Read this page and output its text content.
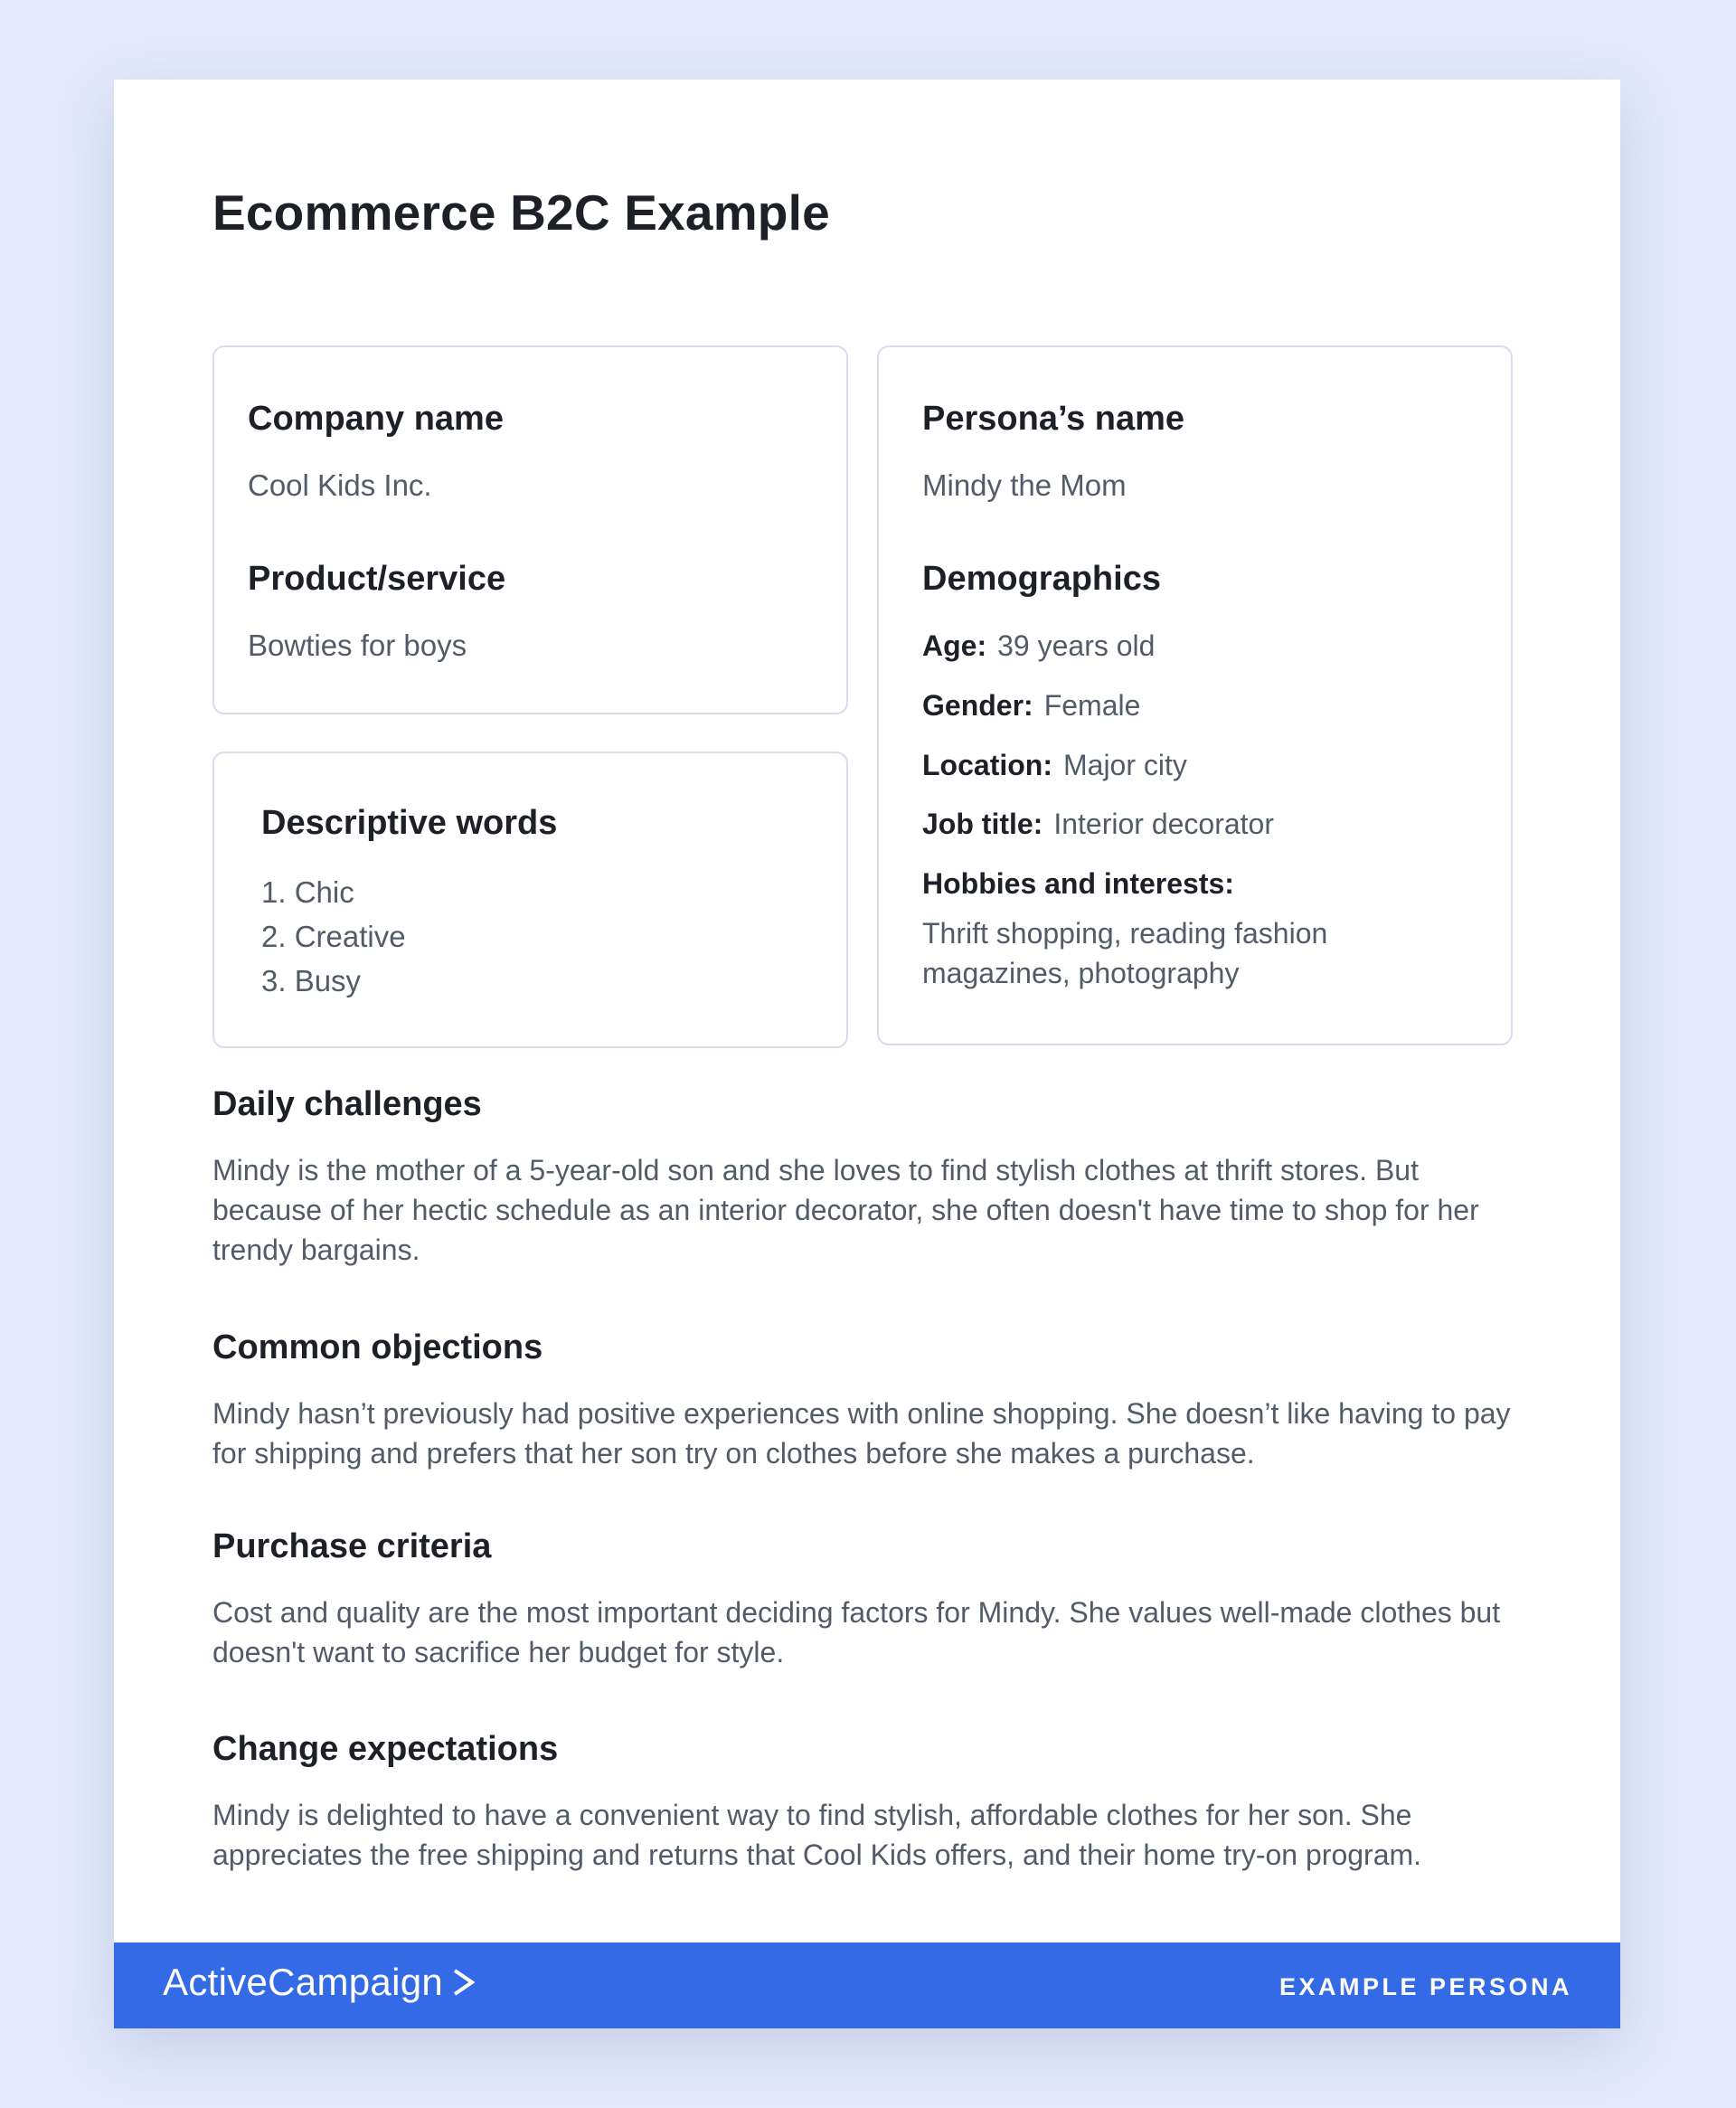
Ecommerce B2C Example
Company name

Cool Kids Inc.

Product/service

Bowties for boys

Descriptive words
1. Chic
2. Creative
3. Busy
Persona’s name

Mindy the Mom

Demographics
Age: 39 years old
Gender: Female
Location: Major city
Job title: Interior decorator
Hobbies and interests:

Thrift shopping, reading fashion magazines, photography

Daily challenges

Mindy is the mother of a 5-year-old son and she loves to find stylish clothes at thrift stores. But because of her hectic schedule as an interior decorator, she often doesn't have time to shop for her trendy bargains.

Common objections

Mindy hasn’t previously had positive experiences with online shopping. She doesn’t like having to pay for shipping and prefers that her son try on clothes before she makes a purchase.

Purchase criteria

Cost and quality are the most important deciding factors for Mindy. She values well-made clothes but doesn't want to sacrifice her budget for style.

Change expectations

Mindy is delighted to have a convenient way to find stylish, affordable clothes for her son. She appreciates the free shipping and returns that Cool Kids offers, and their home try-on program.

ActiveCampaign	EXAMPLE PERSONA
